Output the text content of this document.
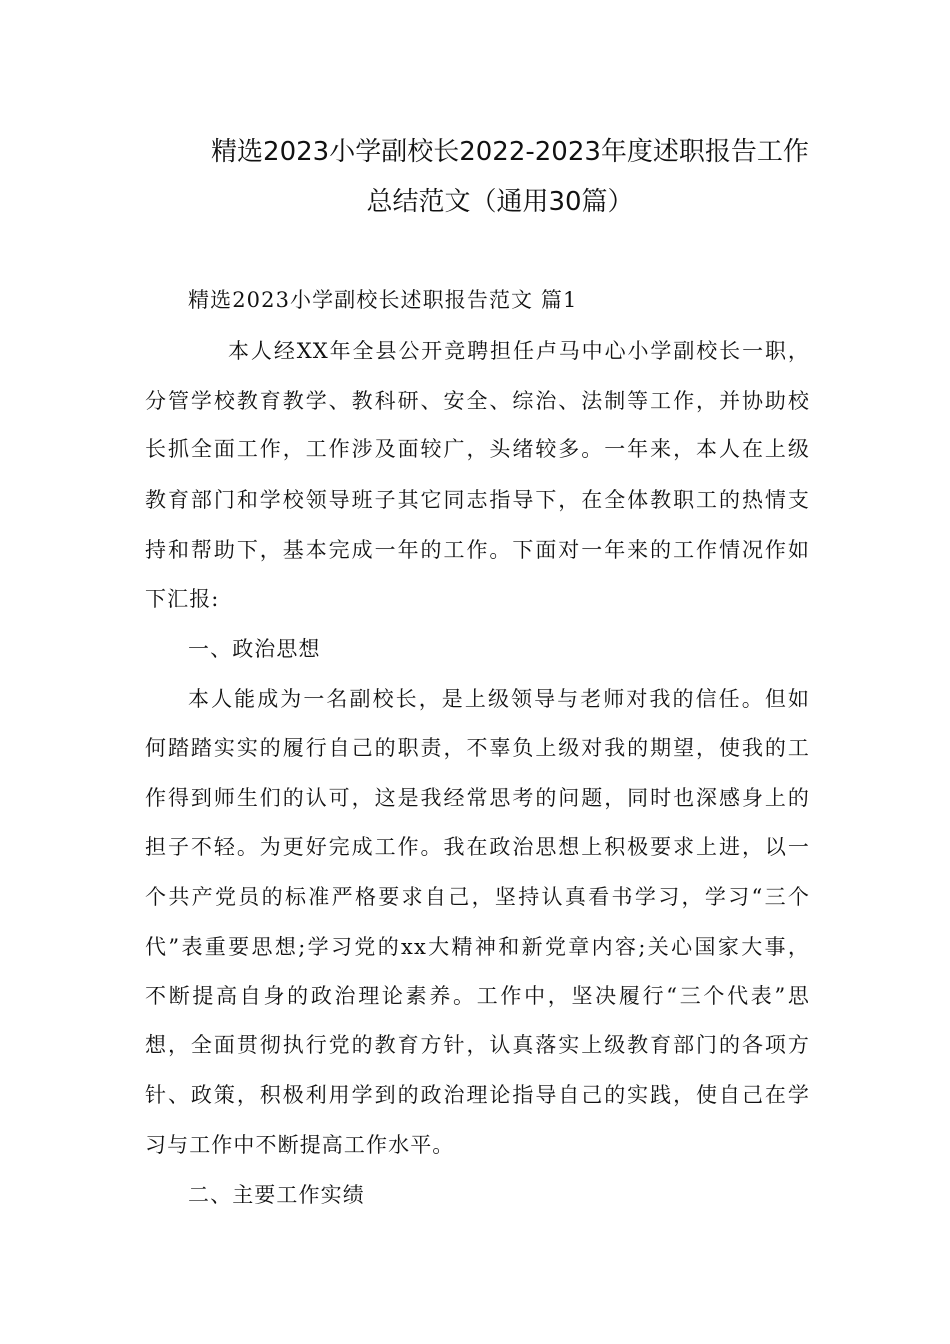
精选2023小学副校长2022-2023年度述职报告工作
总结范文（通用30篇）
精选2023小学副校长述职报告范文 篇1
本人经XX年全县公开竞聘担任卢马中心小学副校长一职，
分管学校教育教学、教科研、安全、综治、法制等工作，并协助校
长抓全面工作，工作涉及面较广，头绪较多。一年来，本人在上级
教育部门和学校领导班子其它同志指导下，在全体教职工的热情支
持和帮助下，基本完成一年的工作。下面对一年来的工作情况作如
下汇报:
一、政治思想
本人能成为一名副校长，是上级领导与老师对我的信任。但如
何踏踏实实的履行自己的职责，不辜负上级对我的期望，使我的工
作得到师生们的认可，这是我经常思考的问题，同时也深感身上的
担子不轻。为更好完成工作。我在政治思想上积极要求上进，以一
个共产党员的标准严格要求自己，坚持认真看书学习，学习“三个
代”表重要思想;学习党的xx大精神和新党章内容;关心国家大事，
不断提高自身的政治理论素养。工作中，坚决履行“三个代表”思
想，全面贯彻执行党的教育方针，认真落实上级教育部门的各项方
针、政策，积极利用学到的政治理论指导自己的实践，使自己在学
习与工作中不断提高工作水平。
二、主要工作实绩
